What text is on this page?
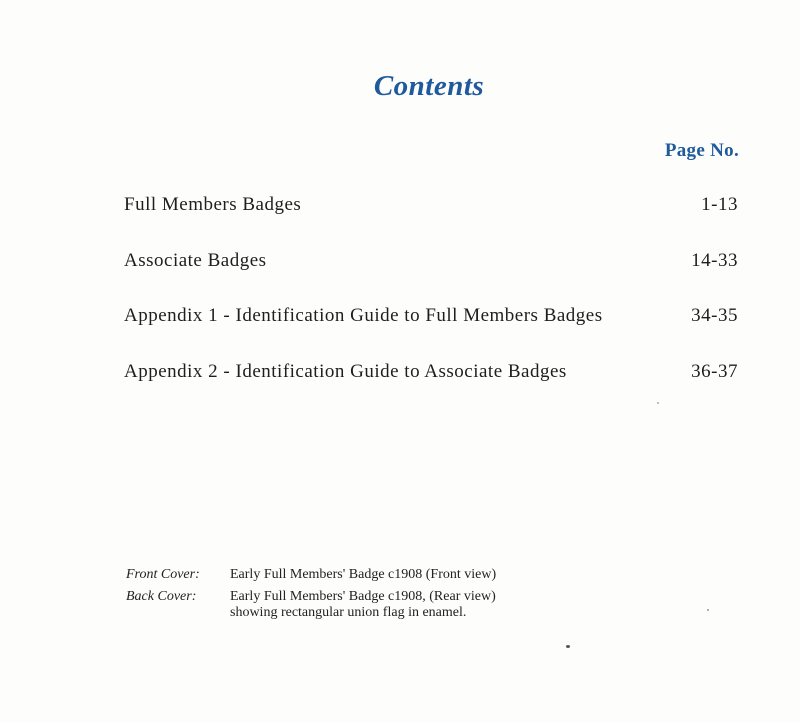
Contents
Page No.
Full Members Badges	1-13
Associate Badges	14-33
Appendix 1 - Identification Guide to Full Members Badges	34-35
Appendix 2 - Identification Guide to Associate Badges	36-37
Front Cover:	Early Full Members' Badge c1908 (Front view)
Back Cover:	Early Full Members' Badge c1908, (Rear view)
showing rectangular union flag in enamel.
